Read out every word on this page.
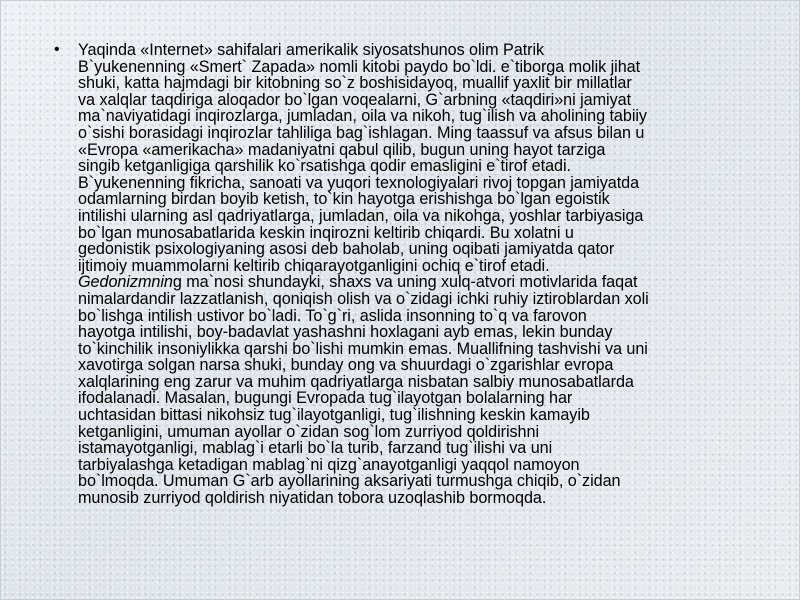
• Yaqinda «Internet» sahifalari amerikalik siyosatshunos olim Patrik
B`yukenenning «Smert` Zapada» nomli kitobi paydo bo`ldi. e`tiborga molik jihat
shuki, katta hajmdagi bir kitobning so`z boshisidayoq, muallif yaxlit bir millatlar
va xalqlar taqdiriga aloqador bo`lgan voqealarni, G`arbning «taqdiri»ni jamiyat
ma`naviyatidagi inqirozlarga, jumladan, oila va nikoh, tug`ilish va aholining tabiiy
o`sishi borasidagi inqirozlar tahliliga bag`ishlagan. Ming taassuf va afsus bilan u
«Evropa «amerikacha» madaniyatni qabul qilib, bugun uning hayot tarziga
singib ketganligiga qarshilik ko`rsatishga qodir emasligini e`tirof etadi.
B`yukenenning fikricha, sanoati va yuqori texnologiyalari rivoj topgan jamiyatda
odamlarning birdan boyib ketish, to`kin hayotga erishishga bo`lgan egoistik
intilishi ularning asl qadriyatlarga, jumladan, oila va nikohga, yoshlar tarbiyasiga
bo`lgan munosabatlarida keskin inqirozni keltirib chiqardi. Bu xolatni u
gedonistik psixologiyaning asosi deb baholab, uning oqibati jamiyatda qator
ijtimoiy muammolarni keltirib chiqarayotganligini ochiq e`tirof etadi.
Gedonizmning ma`nosi shundayki, shaxs va uning xulq-atvori motivlarida faqat
nimalardandir lazzatlanish, qoniqish olish va o`zidagi ichki ruhiy iztiroblardan xoli
bo`lishga intilish ustivor bo`ladi. To`g`ri, aslida insonning to`q va farovon
hayotga intilishi, boy-badavlat yashashni hoxlagani ayb emas, lekin bunday
to`kinchilik insoniylikka qarshi bo`lishi mumkin emas. Muallifning tashvishi va uni
xavotirga solgan narsa shuki, bunday ong va shuurdagi o`zgarishlar evropa
xalqlarining eng zarur va muhim qadriyatlarga nisbatan salbiy munosabatlarda
ifodalanadi. Masalan, bugungi Evropada tug`ilayotgan bolalarning har
uchtasidan bittasi nikohsiz tug`ilayotganligi, tug`ilishning keskin kamayib
ketganligini, umuman ayollar o`zidan sog`lom zurriyod qoldirishni
istamayotganligi, mablag`i etarli bo`la turib, farzand tug`ilishi va uni
tarbiyalashga ketadigan mablag`ni qizg`anayotganligi yaqqol namoyon
bo`lmoqda. Umuman G`arb ayollarining aksariyati turmushga chiqib, o`zidan
munosib zurriyod qoldirish niyatidan tobora uzoqlashib bormoqda.
